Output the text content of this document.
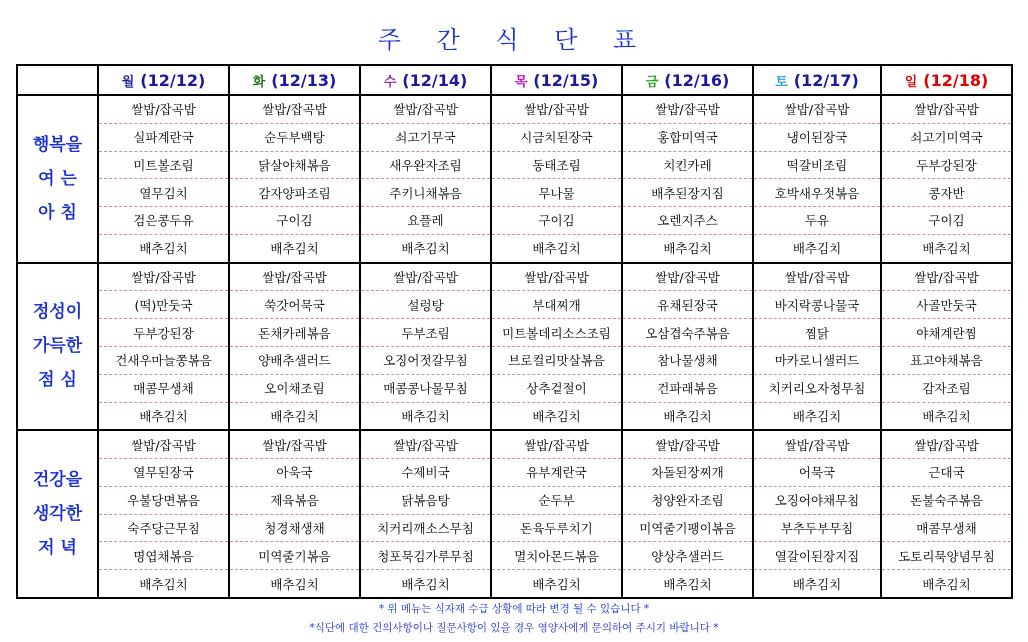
주 간 식 단 표
	월 (12/12)	화 (12/13)	수 (12/14)	목 (12/15)	금 (12/16)	토 (12/17)	일 (12/18)
행복을
여 는
아 침	쌀밥/잡곡밥	쌀밥/잡곡밥	쌀밥/잡곡밥	쌀밥/잡곡밥	쌀밥/잡곡밥	쌀밥/잡곡밥	쌀밥/잡곡밥
	실파계란국	순두부백탕	쇠고기무국	시금치된장국	홍합미역국	냉이된장국	쇠고기미역국
	미트볼조림	닭살야채볶음	새우완자조림	동태조림	치킨카레	떡갈비조림	두부강된장
	열무김치	감자양파조림	주키니채볶음	무나물	배추된장지짐	호박새우젓볶음	콩자반
	검은콩두유	구이김	요플레	구이김	오렌지주스	두유	구이김
	배추김치	배추김치	배추김치	배추김치	배추김치	배추김치	배추김치
정성이
가득한
점 심	쌀밥/잡곡밥	쌀밥/잡곡밥	쌀밥/잡곡밥	쌀밥/잡곡밥	쌀밥/잡곡밥	쌀밥/잡곡밥	쌀밥/잡곡밥
	(떡)만둣국	쑥갓어묵국	설렁탕	부대찌개	유채된장국	바지락콩나물국	사골만둣국
	두부강된장	돈채카레볶음	두부조림	미트볼데리소스조림	오삼겹숙주볶음	찜닭	야채계란찜
	건새우마늘쫑볶음	양배추샐러드	오징어젓갈무침	브로컬리맛살볶음	참나물생채	마카로니샐러드	표고야채볶음
	매콤무생채	오이채조림	매콤콩나물무침	상추겉절이	건파래볶음	치커리오자청무침	감자조림
	배추김치	배추김치	배추김치	배추김치	배추김치	배추김치	배추김치
건강을
생각한
저 녁	쌀밥/잡곡밥	쌀밥/잡곡밥	쌀밥/잡곡밥	쌀밥/잡곡밥	쌀밥/잡곡밥	쌀밥/잡곡밥	쌀밥/잡곡밥
	열무된장국	아욱국	수제비국	유부계란국	차돌된장찌개	어묵국	근대국
	우불당면볶음	제육볶음	닭볶음탕	순두부	청양완자조림	오징어야채무침	돈불숙주볶음
	숙주당근무침	청경채생채	치커리깨소스무침	돈육두루치기	미역줄기팽이볶음	부추두부무침	매콤무생채
	명엽채볶음	미역줄기볶음	청포묵김가루무침	멸치아몬드볶음	양상추샐러드	열갈이된장지짐	도토리묵양념무침
	배추김치	배추김치	배추김치	배추김치	배추김치	배추김치	배추김치
* 위 메뉴는 식자재 수급 상황에 따라 변경 될 수 있습니다 *
*식단에 대한 건의사항이나 질문사항이 있을 경우 영양사에게 문의하여 주시기 바랍니다 *
